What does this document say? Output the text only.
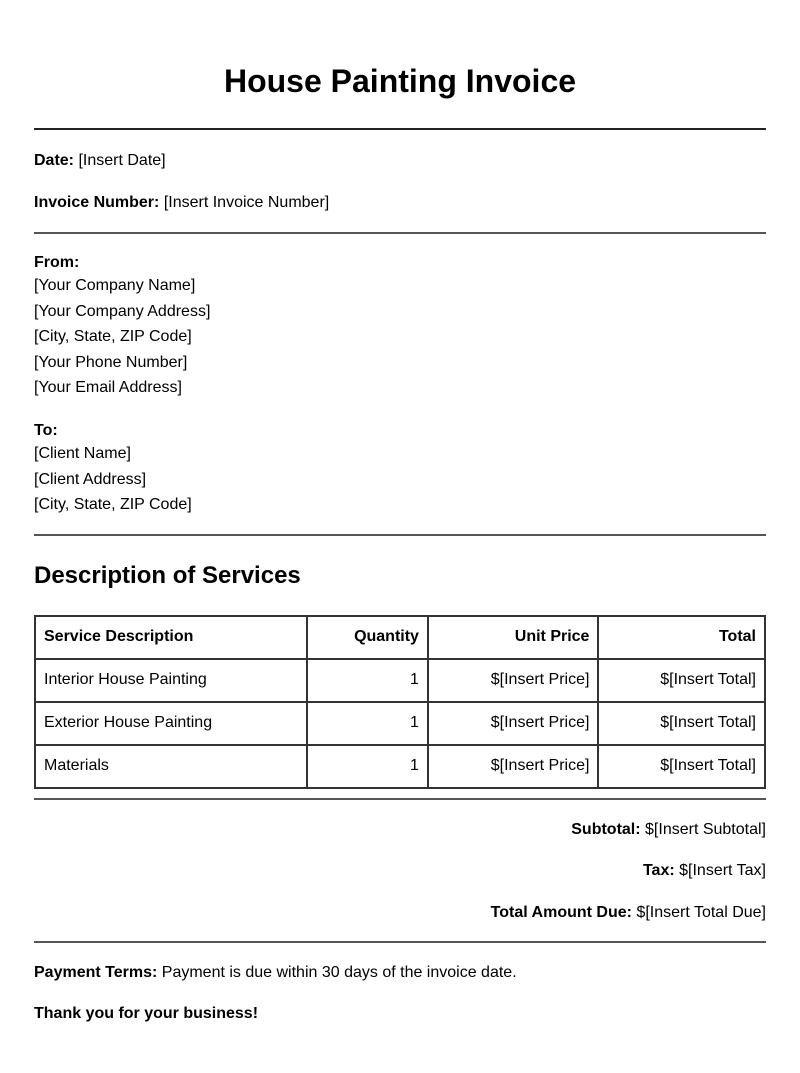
House Painting Invoice
Date: [Insert Date]
Invoice Number: [Insert Invoice Number]
From:
[Your Company Name]
[Your Company Address]
[City, State, ZIP Code]
[Your Phone Number]
[Your Email Address]
To:
[Client Name]
[Client Address]
[City, State, ZIP Code]
Description of Services
Service Description	Quantity	Unit Price	Total
Interior House Painting	1	$[Insert Price]	$[Insert Total]
Exterior House Painting	1	$[Insert Price]	$[Insert Total]
Materials	1	$[Insert Price]	$[Insert Total]
Subtotal: $[Insert Subtotal]
Tax: $[Insert Tax]
Total Amount Due: $[Insert Total Due]
Payment Terms: Payment is due within 30 days of the invoice date.
Thank you for your business!
